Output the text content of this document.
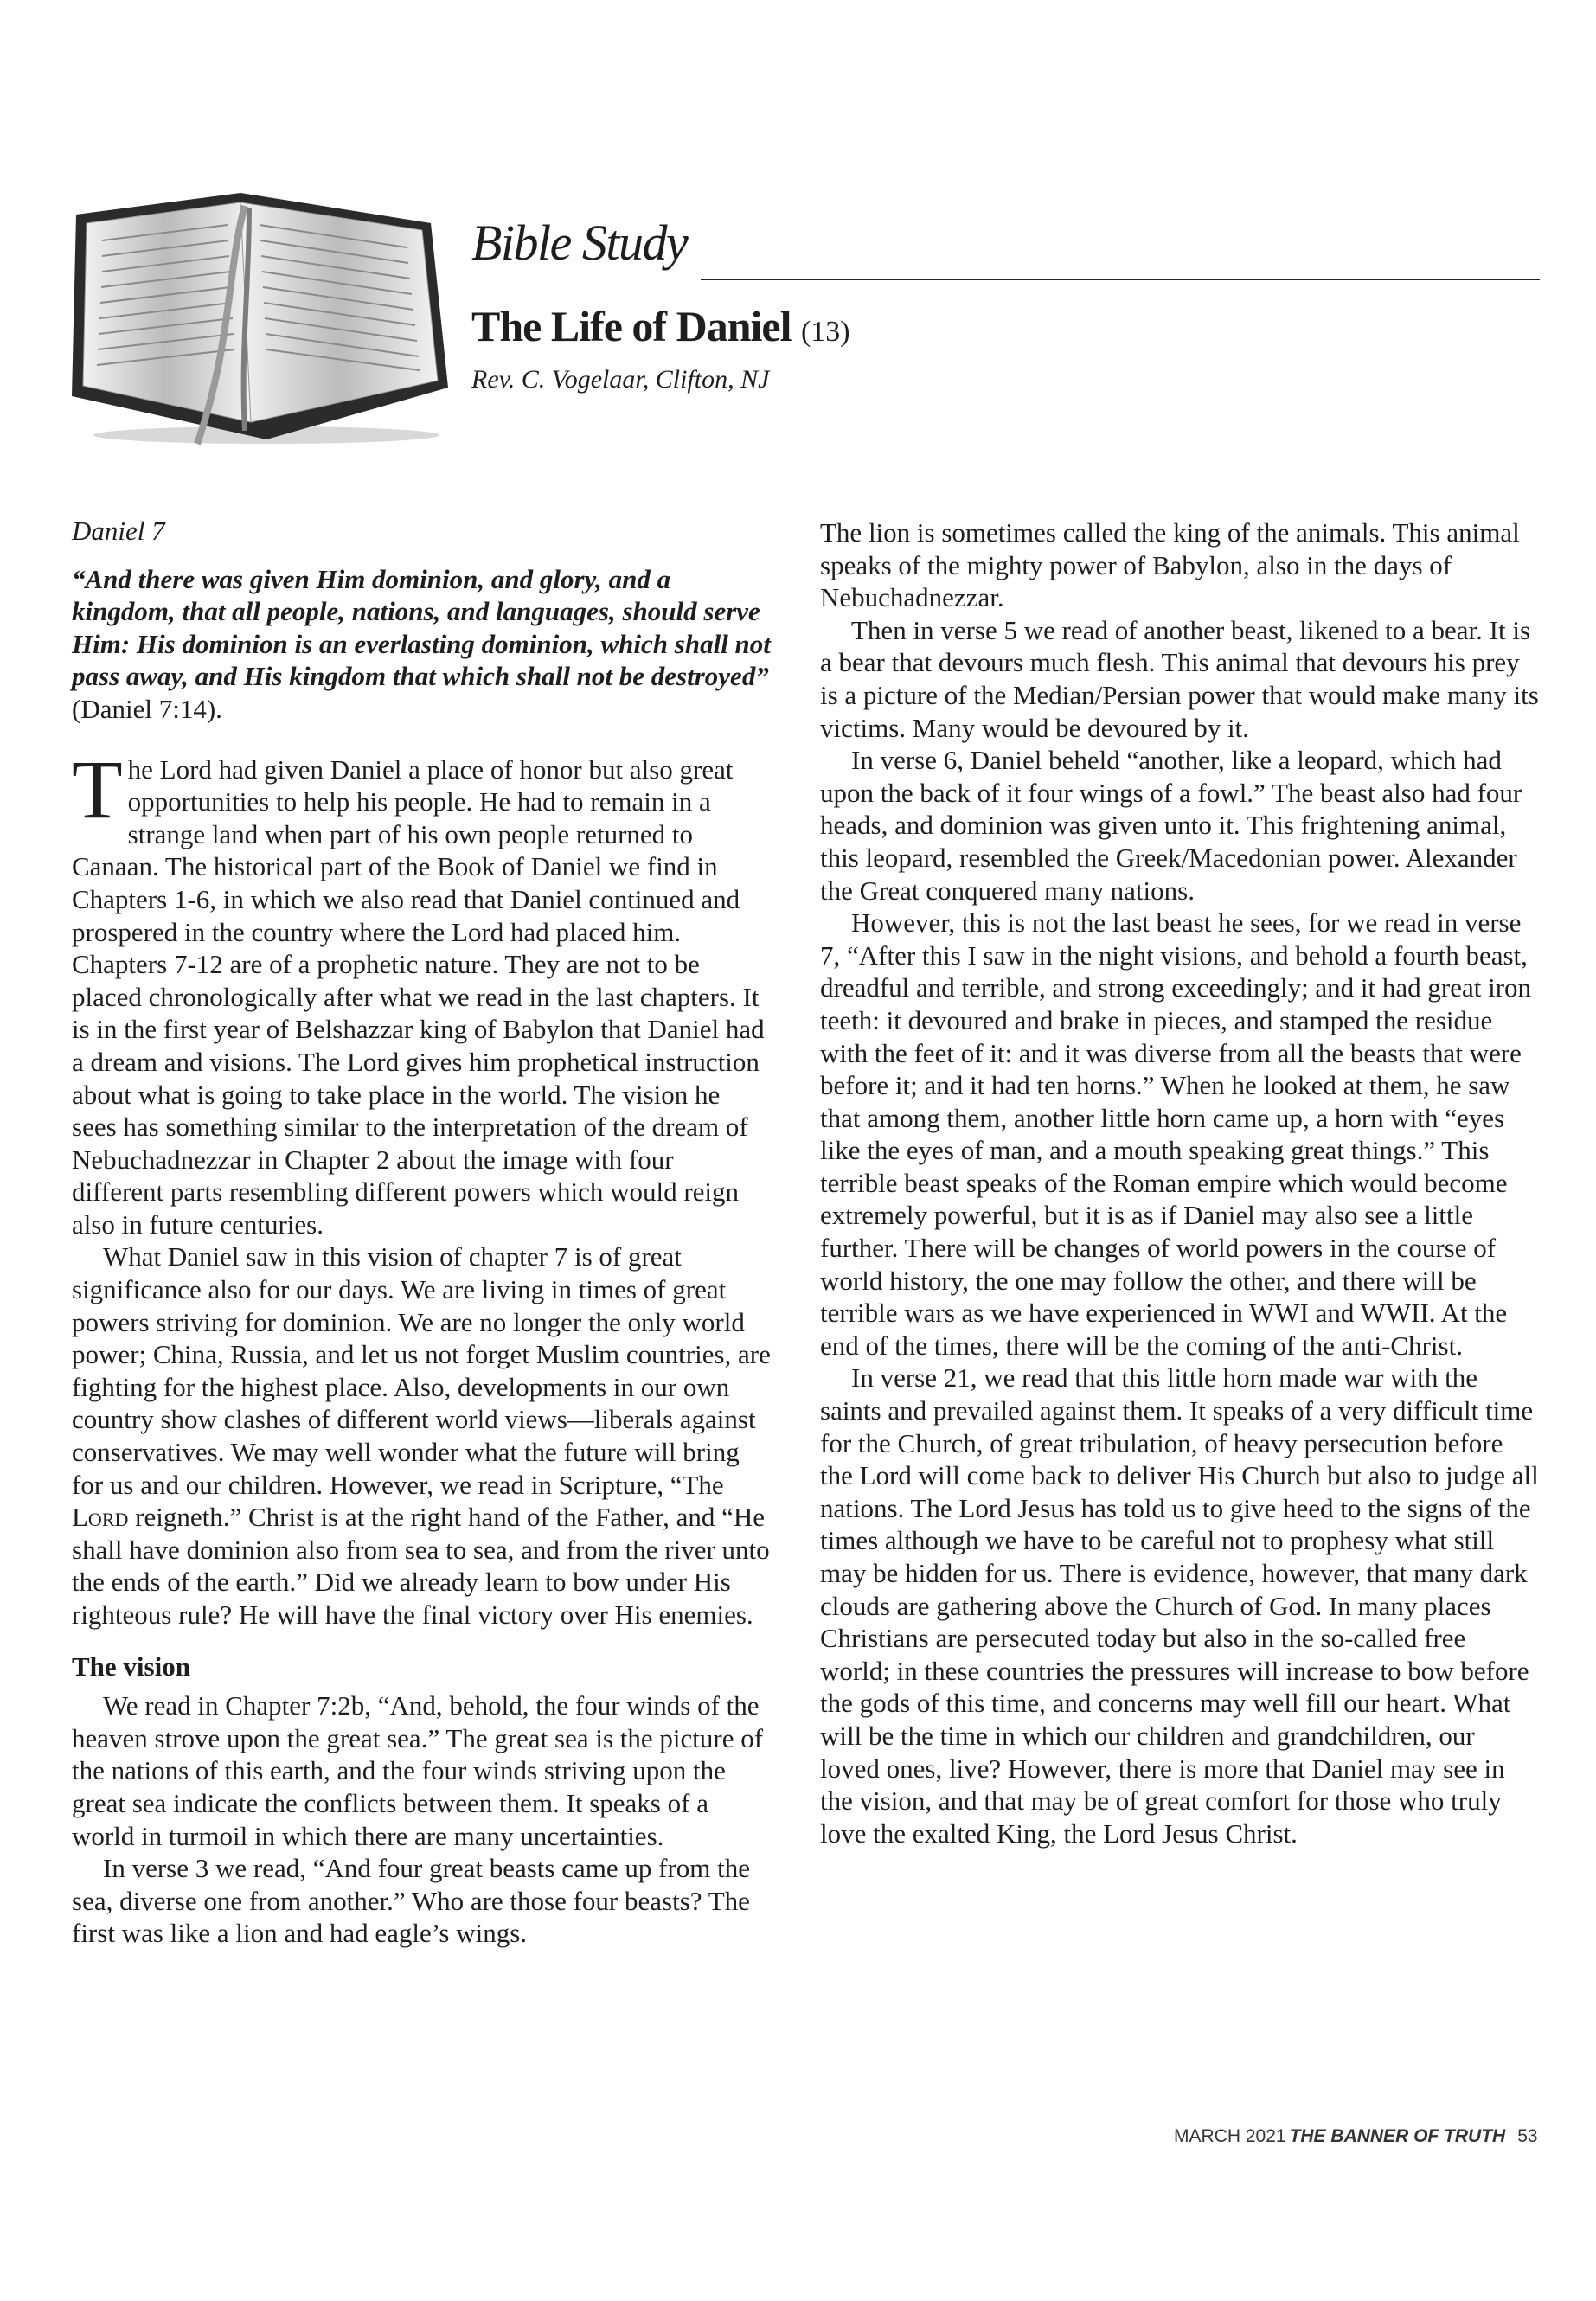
Bible Study
The Life of Daniel (13)
Rev. C. Vogelaar, Clifton, NJ

Daniel 7

“And there was given Him dominion, and glory, and a kingdom, that all people, nations, and languages, should serve Him: His dominion is an everlasting dominion, which shall not pass away, and His kingdom that which shall not be destroyed” (Daniel 7:14).

The Lord had given Daniel a place of honor but also great opportunities to help his people. He had to remain in a strange land when part of his own people returned to Canaan. The historical part of the Book of Daniel we find in Chapters 1-6, in which we also read that Daniel continued and prospered in the country where the Lord had placed him. Chapters 7-12 are of a prophetic nature. They are not to be placed chronologically after what we read in the last chapters. It is in the first year of Belshazzar king of Babylon that Daniel had a dream and visions. The Lord gives him prophetical instruction about what is going to take place in the world. The vision he sees has something similar to the interpretation of the dream of Nebuchadnezzar in Chapter 2 about the image with four different parts resembling different powers which would reign also in future centuries.

What Daniel saw in this vision of chapter 7 is of great significance also for our days. We are living in times of great powers striving for dominion. We are no longer the only world power; China, Russia, and let us not forget Muslim countries, are fighting for the highest place. Also, developments in our own country show clashes of different world views—liberals against conservatives. We may well wonder what the future will bring for us and our children. However, we read in Scripture, “The Lord reigneth.” Christ is at the right hand of the Father, and “He shall have dominion also from sea to sea, and from the river unto the ends of the earth.” Did we already learn to bow under His righteous rule? He will have the final victory over His enemies.

The vision

We read in Chapter 7:2b, “And, behold, the four winds of the heaven strove upon the great sea.” The great sea is the picture of the nations of this earth, and the four winds striving upon the great sea indicate the conflicts between them. It speaks of a world in turmoil in which there are many uncertainties.

In verse 3 we read, “And four great beasts came up from the sea, diverse one from another.” Who are those four beasts? The first was like a lion and had eagle’s wings.

The lion is sometimes called the king of the animals. This animal speaks of the mighty power of Babylon, also in the days of Nebuchadnezzar.

Then in verse 5 we read of another beast, likened to a bear. It is a bear that devours much flesh. This animal that devours his prey is a picture of the Median/Persian power that would make many its victims. Many would be devoured by it.

In verse 6, Daniel beheld “another, like a leopard, which had upon the back of it four wings of a fowl.” The beast also had four heads, and dominion was given unto it. This frightening animal, this leopard, resembled the Greek/Macedonian power. Alexander the Great conquered many nations.

However, this is not the last beast he sees, for we read in verse 7, “After this I saw in the night visions, and behold a fourth beast, dreadful and terrible, and strong exceedingly; and it had great iron teeth: it devoured and brake in pieces, and stamped the residue with the feet of it: and it was diverse from all the beasts that were before it; and it had ten horns.” When he looked at them, he saw that among them, another little horn came up, a horn with “eyes like the eyes of man, and a mouth speaking great things.” This terrible beast speaks of the Roman empire which would become extremely powerful, but it is as if Daniel may also see a little further. There will be changes of world powers in the course of world history, the one may follow the other, and there will be terrible wars as we have experienced in WWI and WWII. At the end of the times, there will be the coming of the anti-Christ.

In verse 21, we read that this little horn made war with the saints and prevailed against them. It speaks of a very difficult time for the Church, of great tribulation, of heavy persecution before the Lord will come back to deliver His Church but also to judge all nations. The Lord Jesus has told us to give heed to the signs of the times although we have to be careful not to prophesy what still may be hidden for us. There is evidence, however, that many dark clouds are gathering above the Church of God. In many places Christians are persecuted today but also in the so-called free world; in these countries the pressures will increase to bow before the gods of this time, and concerns may well fill our heart. What will be the time in which our children and grandchildren, our loved ones, live? However, there is more that Daniel may see in the vision, and that may be of great comfort for those who truly love the exalted King, the Lord Jesus Christ.

MARCH 2021 THE BANNER OF TRUTH 53
